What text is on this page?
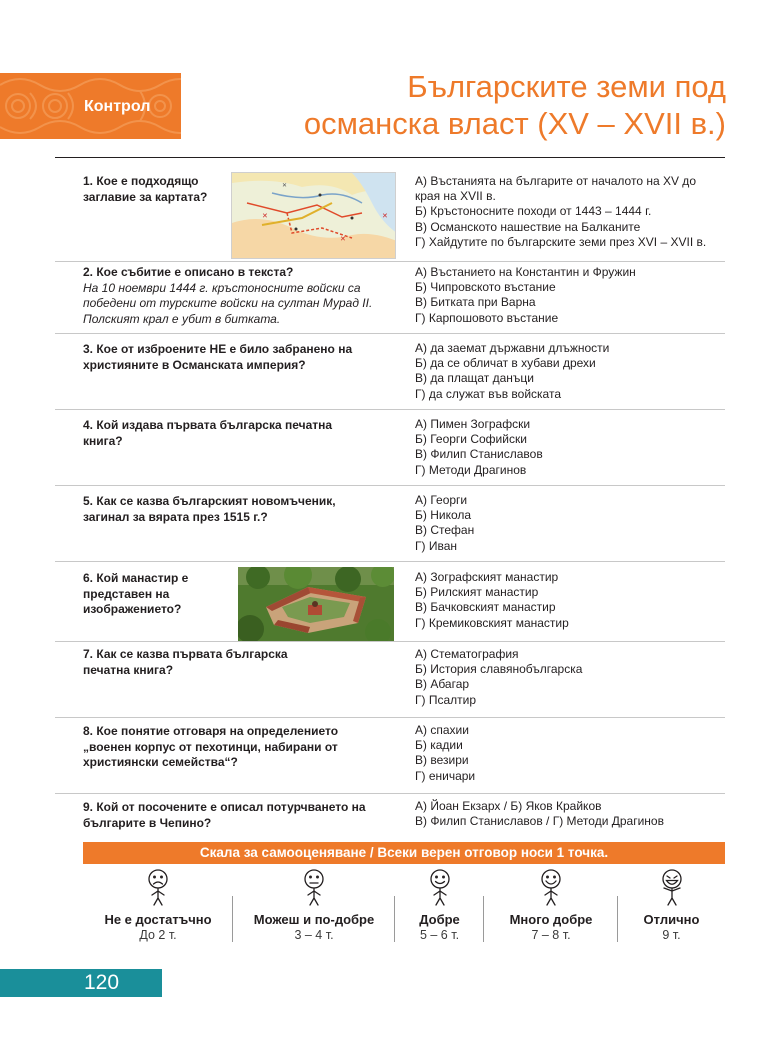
Контрол
Българските земи под
османска власт (XV – XVII в.)
1. Кое е подходящо заглавие за картата?
✕
✕
✕
✕
А) Въстанията на българите от началото на XV до
края на XVII в.
Б) Кръстоносните походи от 1443 – 1444 г.
В) Османското нашествие на Балканите
Г) Хайдутите по българските земи през XVI – XVII в.
2. Кое събитие е описано в текста?
На 10 ноември 1444 г. кръстоносните войски са победени от турските войски на султан Мурад II. Полският крал е убит в битката.
А) Въстанието на Константин и Фружин
Б) Чипровското въстание
В) Битката при Варна
Г) Карпошовото въстание
3. Кое от изброените НЕ е било забранено на християните в Османската империя?
А) да заемат държавни длъжности
Б) да се обличат в хубави дрехи
В) да плащат данъци
Г) да служат във войската
4. Кой издава първата българска печатна книга?
А) Пимен Зографски
Б) Георги Софийски
В) Филип Станиславов
Г) Методи Драгинов
5. Как се казва българският новомъченик, загинал за вярата през 1515 г.?
А) Георги
Б) Никола
В) Стефан
Г) Иван
6. Кой манастир е представен на изображението?
А) Зографският манастир
Б) Рилският манастир
В) Бачковският манастир
Г) Кремиковският манастир
7. Как се казва първата българска печатна книга?
А) Стематография
Б) История славянобългарска
В) Абагар
Г) Псалтир
8. Кое понятие отговаря на определението „военен корпус от пехотинци, набирани от християнски семейства“?
А) спахии
Б) кадии
В) везири
Г) еничари
9. Кой от посочените е описал потурчването на българите в Чепино?
А) Йоан Екзарх / Б) Яков Крайков
В) Филип Станиславов / Г) Методи Драгинов
Скала за самооценяване / Всеки верен отговор носи 1 точка.
Не е достатъчно
До 2 т.
Можеш и по-добре
3 – 4 т.
Добре
5 – 6 т.
Много добре
7 – 8 т.
Отлично
9 т.
120
